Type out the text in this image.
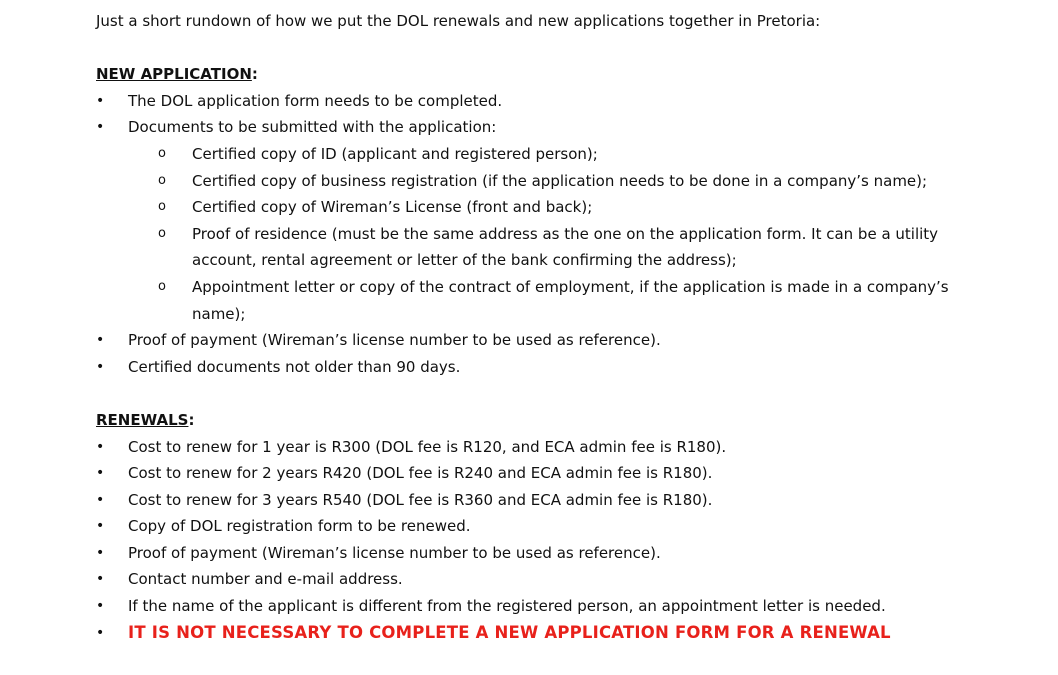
Just a short rundown of how we put the DOL renewals and new applications together in Pretoria:
NEW APPLICATION:
• The DOL application form needs to be completed.
• Documents to be submitted with the application:
o Certified copy of ID (applicant and registered person);
o Certified copy of business registration (if the application needs to be done in a company’s name);
o Certified copy of Wireman’s License (front and back);
o Proof of residence (must be the same address as the one on the application form. It can be a utility
account, rental agreement or letter of the bank confirming the address);
o Appointment letter or copy of the contract of employment, if the application is made in a company’s
name);
• Proof of payment (Wireman’s license number to be used as reference).
• Certified documents not older than 90 days.
RENEWALS:
• Cost to renew for 1 year is R300 (DOL fee is R120, and ECA admin fee is R180).
• Cost to renew for 2 years R420 (DOL fee is R240 and ECA admin fee is R180).
• Cost to renew for 3 years R540 (DOL fee is R360 and ECA admin fee is R180).
• Copy of DOL registration form to be renewed.
• Proof of payment (Wireman’s license number to be used as reference).
• Contact number and e-mail address.
• If the name of the applicant is different from the registered person, an appointment letter is needed.
• IT IS NOT NECESSARY TO COMPLETE A NEW APPLICATION FORM FOR A RENEWAL
